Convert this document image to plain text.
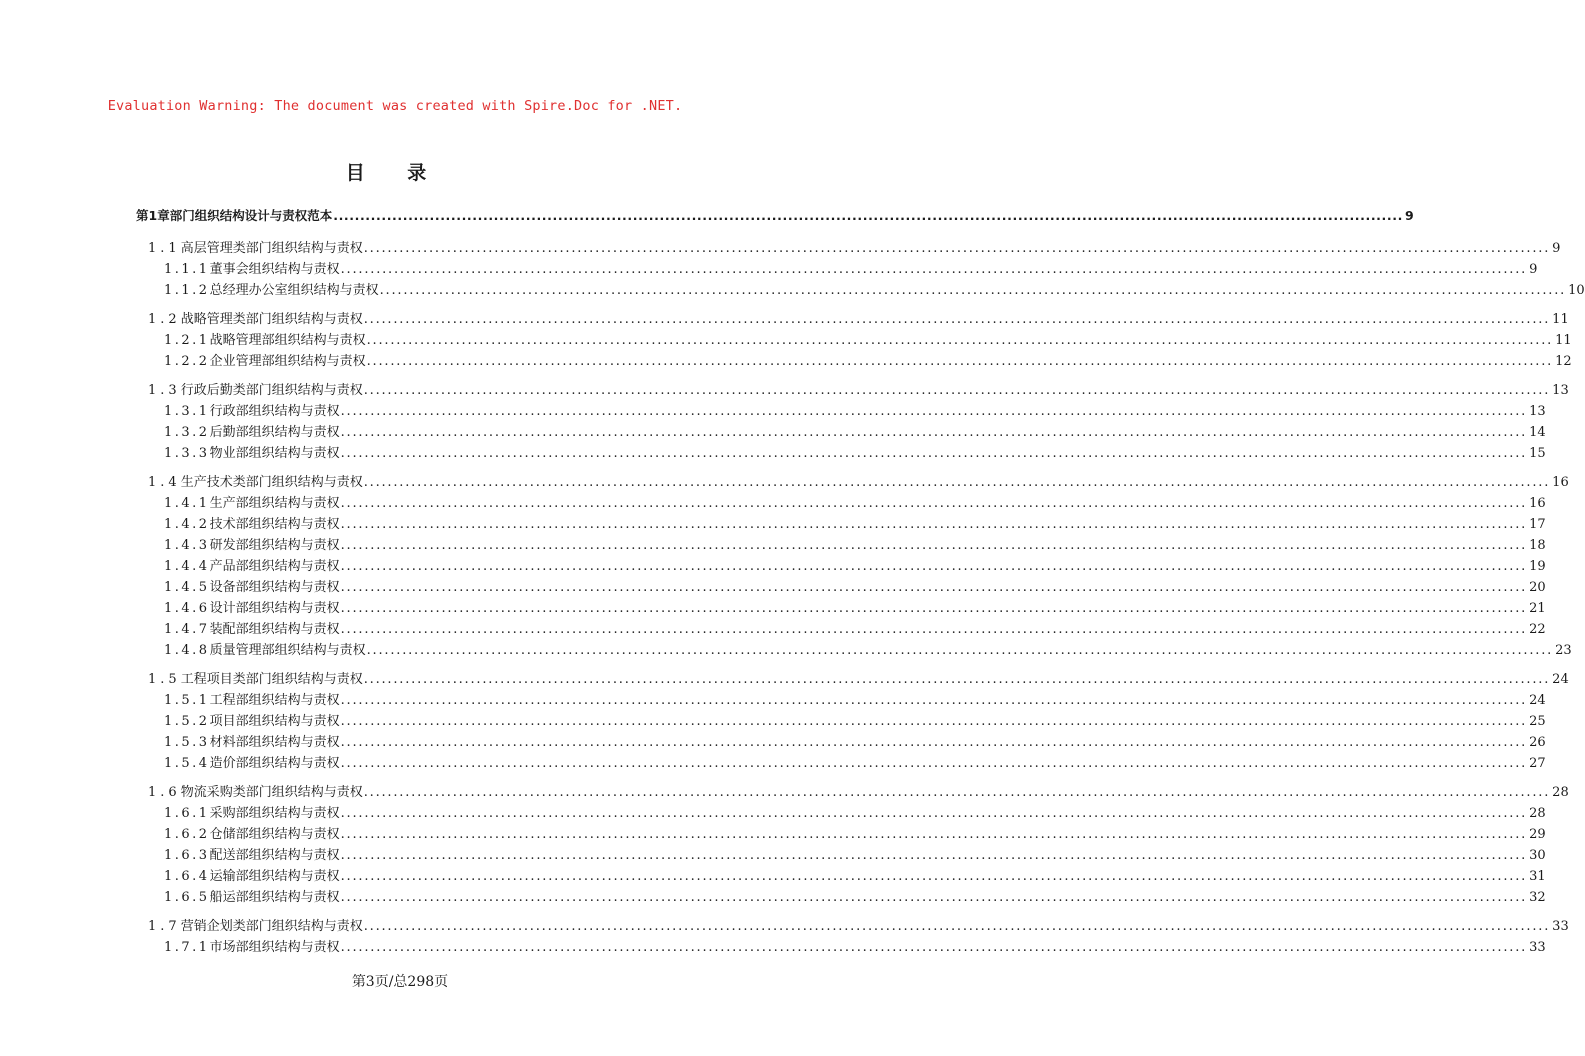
Evaluation Warning: The document was created with Spire.Doc for .NET.
目 录
第1章 部门组织结构设计与责权范本 ........................................................................................................................................................................................................ 9
1.1 高层管理类部门组织结构与责权 ........................................................................................................................................................................................................ 9
1.1.1 董事会组织结构与责权 ........................................................................................................................................................................................................ 9
1.1.2 总经理办公室组织结构与责权 ........................................................................................................................................................................................................ 10
1.2 战略管理类部门组织结构与责权 ........................................................................................................................................................................................................ 11
1.2.1 战略管理部组织结构与责权 ........................................................................................................................................................................................................ 11
1.2.2 企业管理部组织结构与责权 ........................................................................................................................................................................................................ 12
1.3 行政后勤类部门组织结构与责权 ........................................................................................................................................................................................................ 13
1.3.1 行政部组织结构与责权 ........................................................................................................................................................................................................ 13
1.3.2 后勤部组织结构与责权 ........................................................................................................................................................................................................ 14
1.3.3 物业部组织结构与责权 ........................................................................................................................................................................................................ 15
1.4 生产技术类部门组织结构与责权 ........................................................................................................................................................................................................ 16
1.4.1 生产部组织结构与责权 ........................................................................................................................................................................................................ 16
1.4.2 技术部组织结构与责权 ........................................................................................................................................................................................................ 17
1.4.3 研发部组织结构与责权 ........................................................................................................................................................................................................ 18
1.4.4 产品部组织结构与责权 ........................................................................................................................................................................................................ 19
1.4.5 设备部组织结构与责权 ........................................................................................................................................................................................................ 20
1.4.6 设计部组织结构与责权 ........................................................................................................................................................................................................ 21
1.4.7 装配部组织结构与责权 ........................................................................................................................................................................................................ 22
1.4.8 质量管理部组织结构与责权 ........................................................................................................................................................................................................ 23
1.5 工程项目类部门组织结构与责权 ........................................................................................................................................................................................................ 24
1.5.1 工程部组织结构与责权 ........................................................................................................................................................................................................ 24
1.5.2 项目部组织结构与责权 ........................................................................................................................................................................................................ 25
1.5.3 材料部组织结构与责权 ........................................................................................................................................................................................................ 26
1.5.4 造价部组织结构与责权 ........................................................................................................................................................................................................ 27
1.6 物流采购类部门组织结构与责权 ........................................................................................................................................................................................................ 28
1.6.1 采购部组织结构与责权 ........................................................................................................................................................................................................ 28
1.6.2 仓储部组织结构与责权 ........................................................................................................................................................................................................ 29
1.6.3 配送部组织结构与责权 ........................................................................................................................................................................................................ 30
1.6.4 运输部组织结构与责权 ........................................................................................................................................................................................................ 31
1.6.5 船运部组织结构与责权 ........................................................................................................................................................................................................ 32
1.7 营销企划类部门组织结构与责权 ........................................................................................................................................................................................................ 33
1.7.1 市场部组织结构与责权 ........................................................................................................................................................................................................ 33
第3页/总298页
